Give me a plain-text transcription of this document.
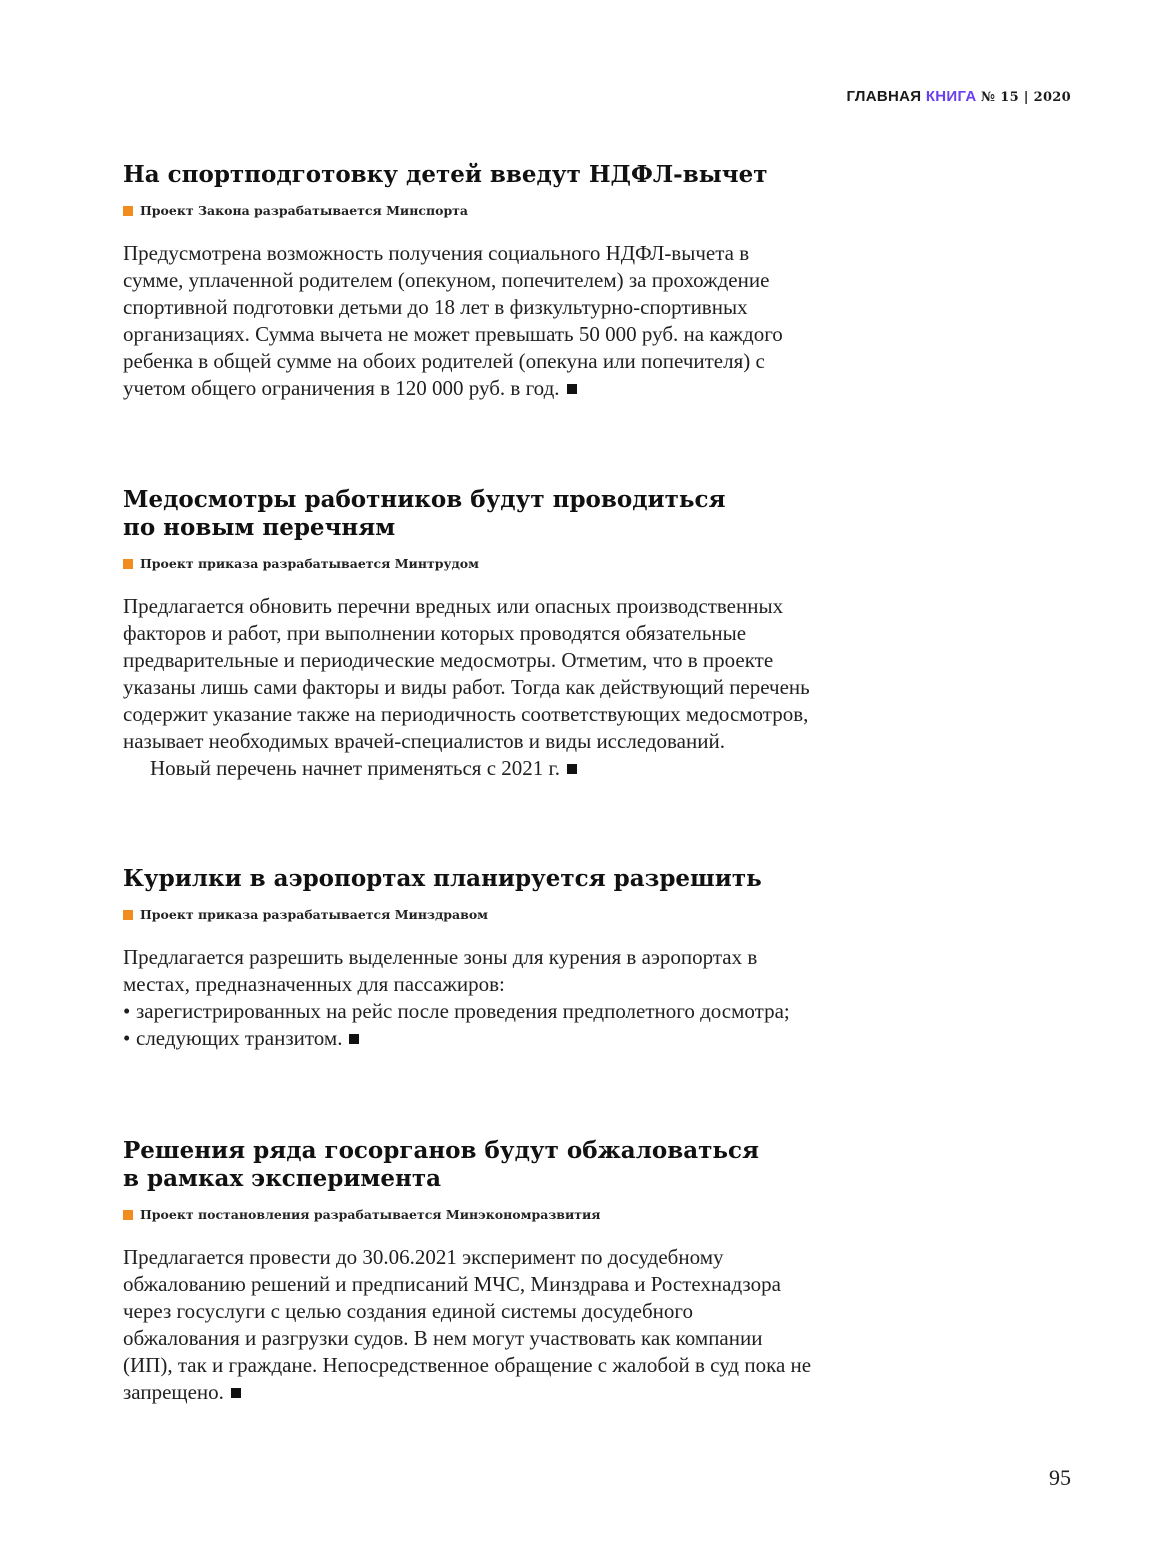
ГЛАВНАЯ КНИГА № 15 | 2020
На спортподготовку детей введут НДФЛ-вычет
Проект Закона разрабатывается Минспорта

Предусмотрена возможность получения социального НДФЛ-вычета в сумме, уплаченной родителем (опекуном, попечителем) за прохождение спортивной подготовки детьми до 18 лет в физкультурно-спортивных организациях. Сумма вычета не может превышать 50 000 руб. на каждого ребенка в общей сумме на обоих родителей (опекуна или попечителя) с учетом общего ограничения в 120 000 руб. в год.

Медосмотры работников будут проводиться
по новым перечням
Проект приказа разрабатывается Минтрудом

Предлагается обновить перечни вредных или опасных производственных факторов и работ, при выполнении которых проводятся обязательные предварительные и периодические медосмотры. Отметим, что в проекте указаны лишь сами факторы и виды работ. Тогда как действующий перечень содержит указание также на периодичность соответствующих медосмотров, называет необходимых врачей-специалистов и виды исследований.

Новый перечень начнет применяться с 2021 г.

Курилки в аэропортах планируется разрешить
Проект приказа разрабатывается Минздравом

Предлагается разрешить выделенные зоны для курения в аэропортах в местах, предназначенных для пассажиров:

• зарегистрированных на рейс после проведения предполетного досмотра;
• следующих транзитом.
Решения ряда госорганов будут обжаловаться
в рамках эксперимента
Проект постановления разрабатывается Минэкономразвития

Предлагается провести до 30.06.2021 эксперимент по досудебному обжалованию решений и предписаний МЧС, Минздрава и Ростехнадзора через госуслуги с целью создания единой системы досудебного обжалования и разгрузки судов. В нем могут участвовать как компании (ИП), так и граждане. Непосредственное обращение с жалобой в суд пока не запрещено.

95
